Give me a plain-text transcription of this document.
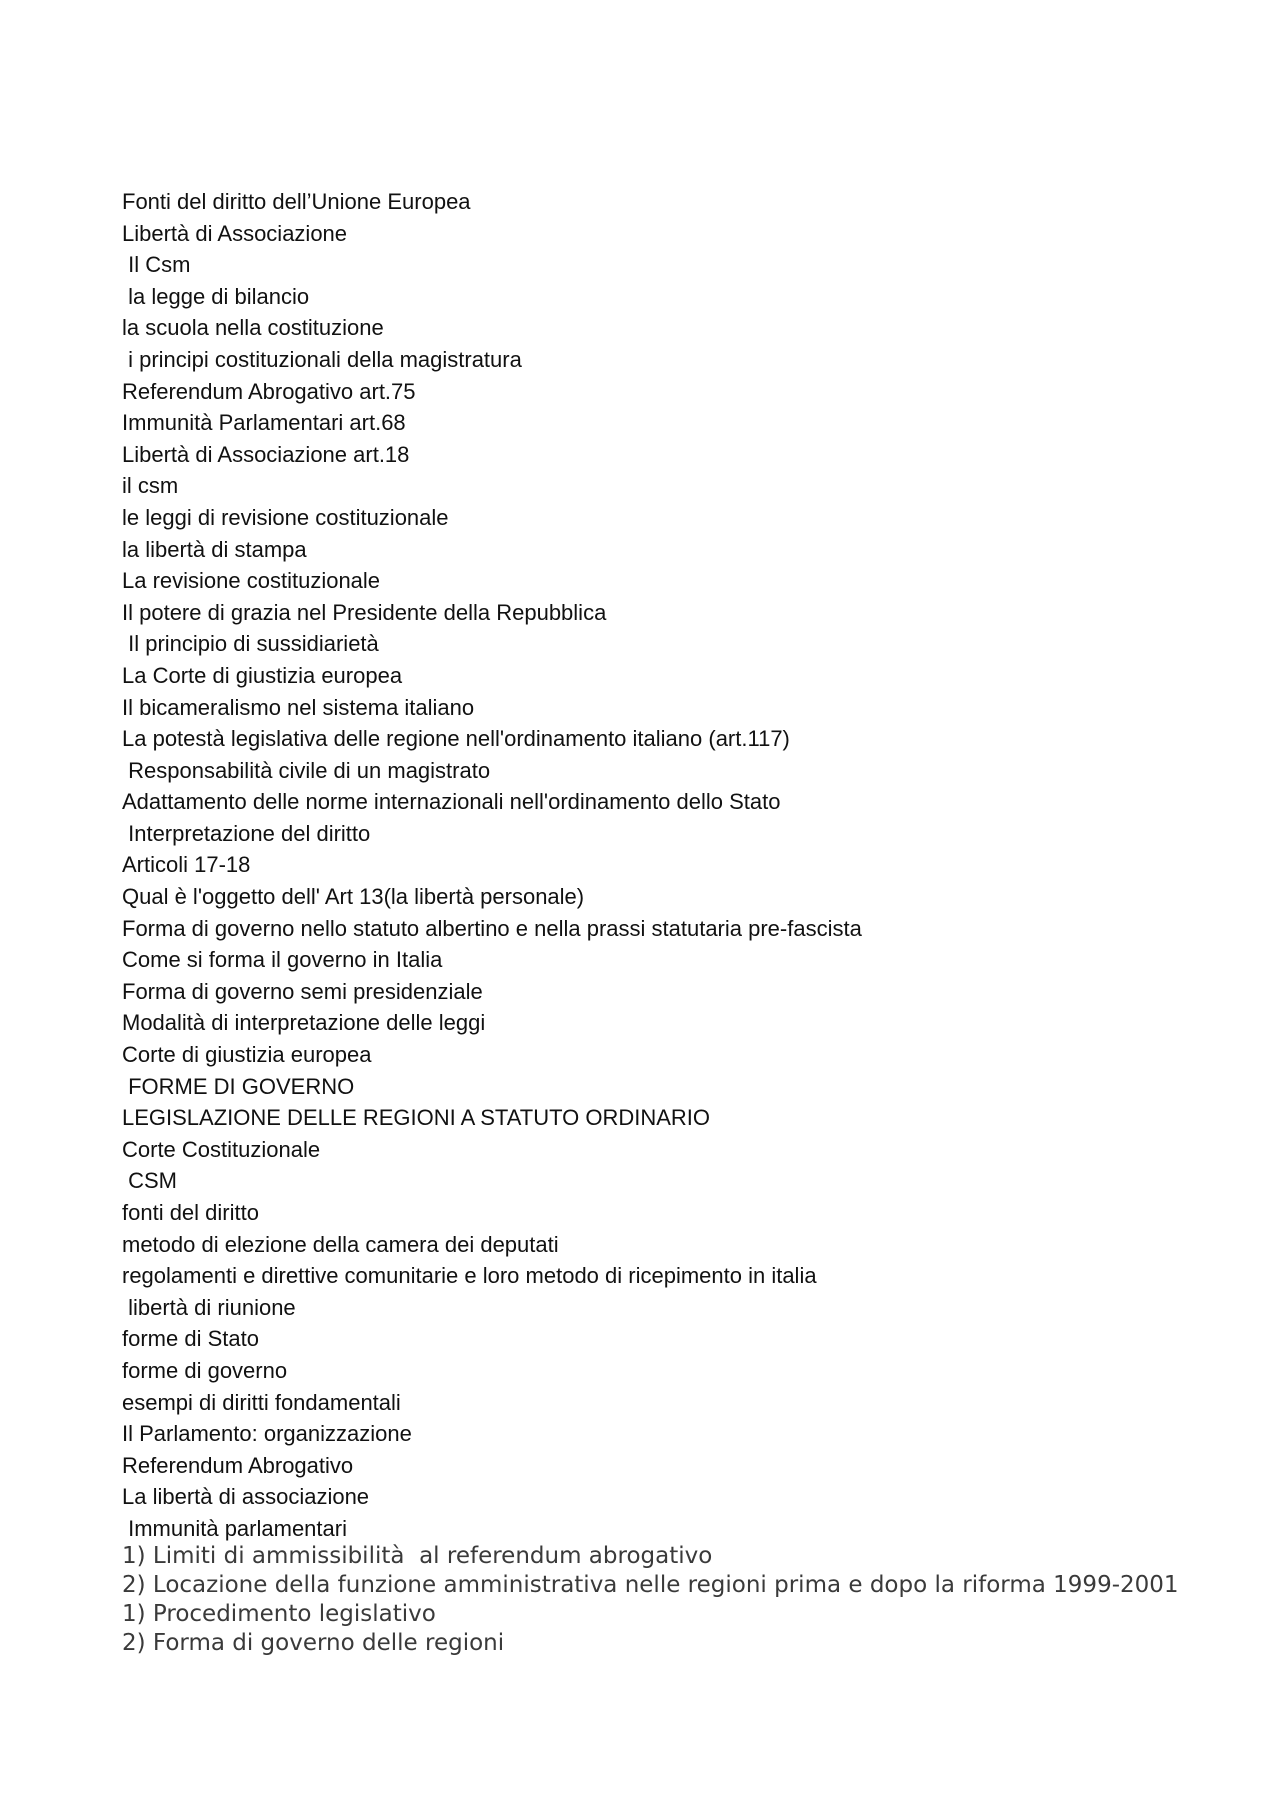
Fonti del diritto dell’Unione Europea
Libertà di Associazione
Il Csm
la legge di bilancio
la scuola nella costituzione
i principi costituzionali della magistratura
Referendum Abrogativo art.75
Immunità Parlamentari art.68
Libertà di Associazione art.18
il csm
le leggi di revisione costituzionale
la libertà di stampa
La revisione costituzionale
Il potere di grazia nel Presidente della Repubblica
Il principio di sussidiarietà
La Corte di giustizia europea
Il bicameralismo nel sistema italiano
La potestà legislativa delle regione nell'ordinamento italiano (art.117)
Responsabilità civile di un magistrato
Adattamento delle norme internazionali nell'ordinamento dello Stato
Interpretazione del diritto
Articoli 17-18
Qual è l'oggetto dell' Art 13(la libertà personale)
Forma di governo nello statuto albertino e nella prassi statutaria pre-fascista
Come si forma il governo in Italia
Forma di governo semi presidenziale
Modalità di interpretazione delle leggi
Corte di giustizia europea
FORME DI GOVERNO
LEGISLAZIONE DELLE REGIONI A STATUTO ORDINARIO
Corte Costituzionale
CSM
fonti del diritto
metodo di elezione della camera dei deputati
regolamenti e direttive comunitarie e loro metodo di ricepimento in italia
libertà di riunione
forme di Stato
forme di governo
esempi di diritti fondamentali
Il Parlamento: organizzazione
Referendum Abrogativo
La libertà di associazione
Immunità parlamentari
1) Limiti di ammissibilità  al referendum abrogativo
2) Locazione della funzione amministrativa nelle regioni prima e dopo la riforma 1999-2001
1) Procedimento legislativo
2) Forma di governo delle regioni
